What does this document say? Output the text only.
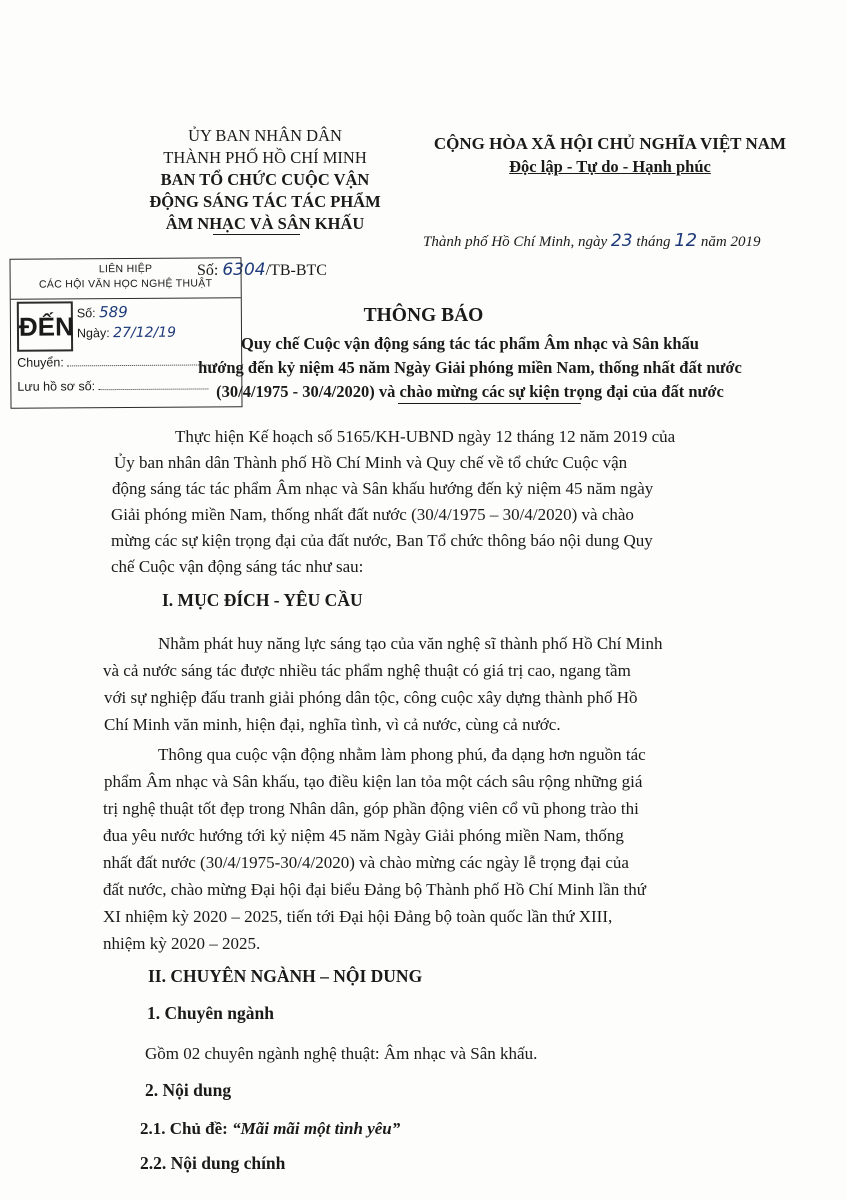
ỦY BAN NHÂN DÂN
THÀNH PHỐ HỒ CHÍ MINH
BAN TỔ CHỨC CUỘC VẬN
ĐỘNG SÁNG TÁC TÁC PHẨM
ÂM NHẠC VÀ SÂN KHẤU
CỘNG HÒA XÃ HỘI CHỦ NGHĨA VIỆT NAM
Độc lập - Tự do - Hạnh phúc
Thành phố Hồ Chí Minh, ngày 23 tháng 12 năm 2019
Số: 6304/TB-BTC
LIÊN HIỆP
CÁC HỘI VĂN HỌC NGHỆ THUẬT
ĐẾN Số: 589
Ngày: 27/12/19
Chuyển:
Lưu hồ sơ số:
THÔNG BÁO
Quy chế Cuộc vận động sáng tác tác phẩm Âm nhạc và Sân khấu
hướng đến kỷ niệm 45 năm Ngày Giải phóng miền Nam, thống nhất đất nước
(30/4/1975 - 30/4/2020) và chào mừng các sự kiện trọng đại của đất nước
Thực hiện Kế hoạch số 5165/KH-UBND ngày 12 tháng 12 năm 2019 của
Ủy ban nhân dân Thành phố Hồ Chí Minh và Quy chế về tổ chức Cuộc vận
động sáng tác tác phẩm Âm nhạc và Sân khấu hướng đến kỷ niệm 45 năm ngày
Giải phóng miền Nam, thống nhất đất nước (30/4/1975 – 30/4/2020) và chào
mừng các sự kiện trọng đại của đất nước, Ban Tổ chức thông báo nội dung Quy
chế Cuộc vận động sáng tác như sau:
I. MỤC ĐÍCH - YÊU CẦU
Nhằm phát huy năng lực sáng tạo của văn nghệ sĩ thành phố Hồ Chí Minh
và cả nước sáng tác được nhiều tác phẩm nghệ thuật có giá trị cao, ngang tầm
với sự nghiệp đấu tranh giải phóng dân tộc, công cuộc xây dựng thành phố Hồ
Chí Minh văn minh, hiện đại, nghĩa tình, vì cả nước, cùng cả nước.
Thông qua cuộc vận động nhằm làm phong phú, đa dạng hơn nguồn tác
phẩm Âm nhạc và Sân khấu, tạo điều kiện lan tỏa một cách sâu rộng những giá
trị nghệ thuật tốt đẹp trong Nhân dân, góp phần động viên cổ vũ phong trào thi
đua yêu nước hướng tới kỷ niệm 45 năm Ngày Giải phóng miền Nam, thống
nhất đất nước (30/4/1975-30/4/2020) và chào mừng các ngày lễ trọng đại của
đất nước, chào mừng Đại hội đại biểu Đảng bộ Thành phố Hồ Chí Minh lần thứ
XI nhiệm kỳ 2020 – 2025, tiến tới Đại hội Đảng bộ toàn quốc lần thứ XIII,
nhiệm kỳ 2020 – 2025.
II. CHUYÊN NGÀNH – NỘI DUNG
1. Chuyên ngành
Gồm 02 chuyên ngành nghệ thuật: Âm nhạc và Sân khấu.
2. Nội dung
2.1. Chủ đề: “Mãi mãi một tình yêu”
2.2. Nội dung chính
